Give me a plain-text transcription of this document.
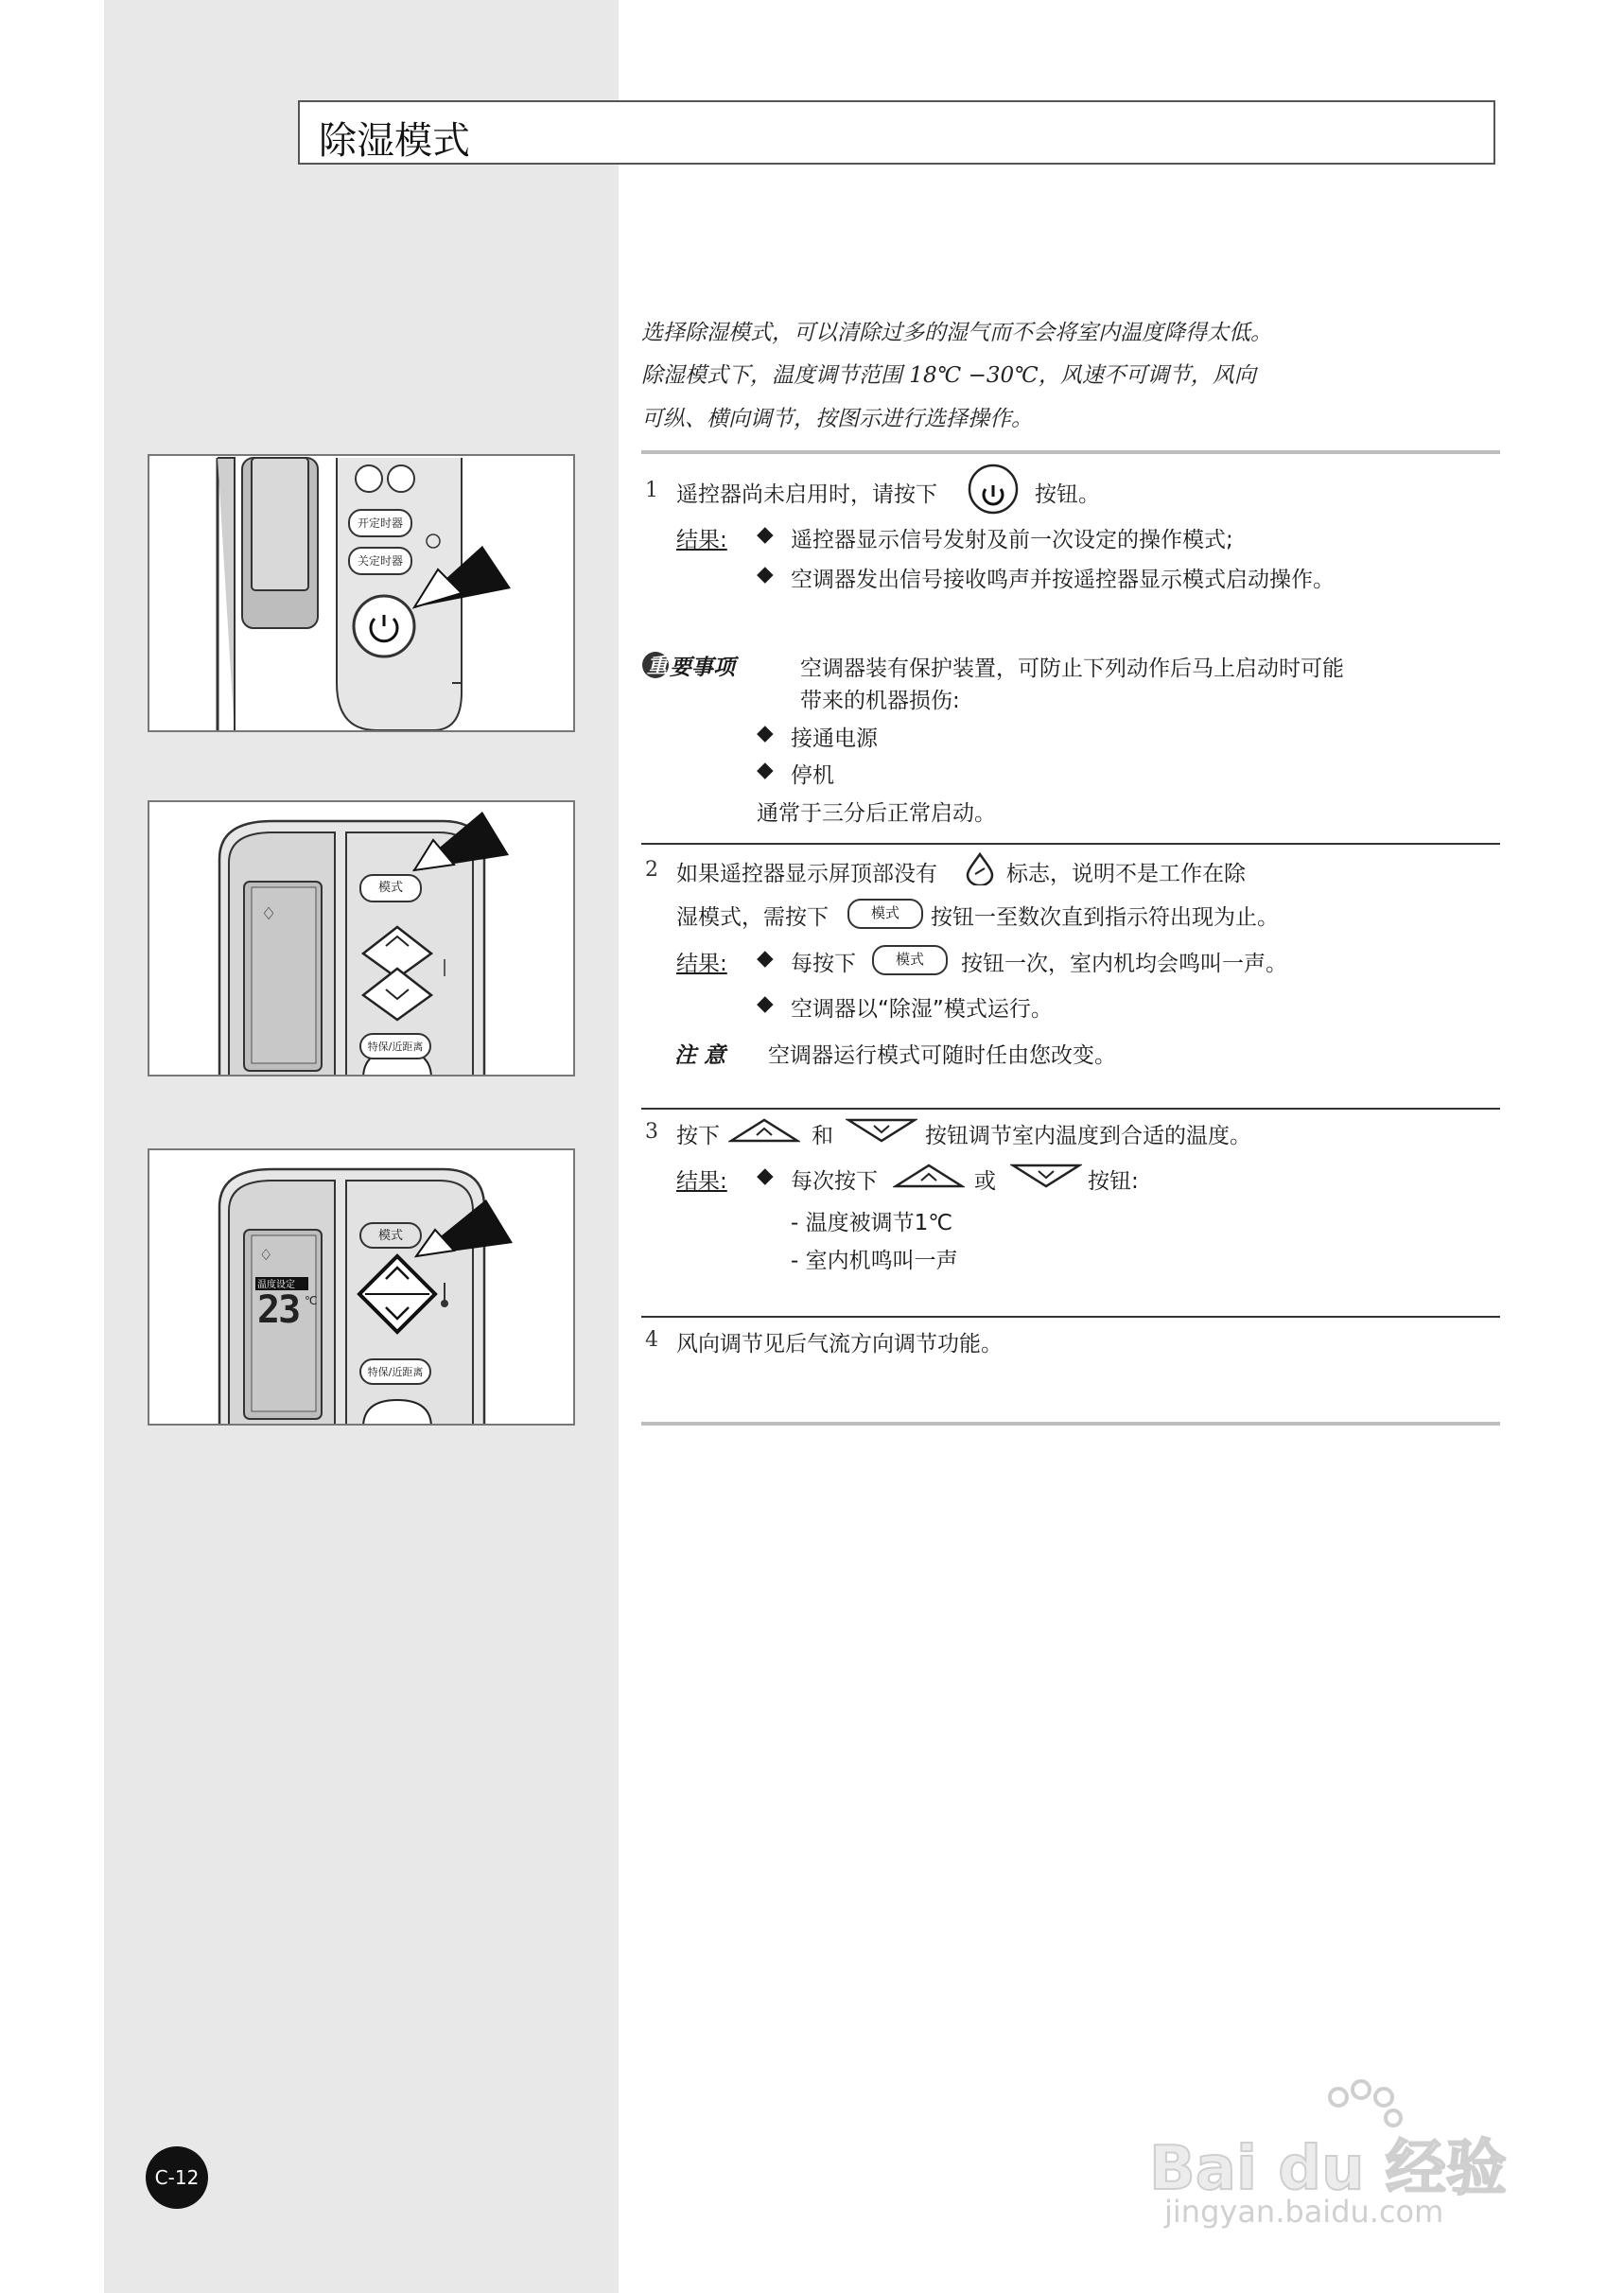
除湿模式
选择除湿模式，可以清除过多的湿气而不会将室内温度降得太低。
除湿模式下，温度调节范围 18℃ −30℃，风速不可调节，风向
可纵、横向调节，按图示进行选择操作。
开定时器
关定时器
1 遥控器尚未启用时，请按下	按钮。
结果: ◆ 遥控器显示信号发射及前一次设定的操作模式;
◆ 空调器发出信号接收鸣声并按遥控器显示模式启动操作。
重 要事项	空调器装有保护装置，可防止下列动作后马上启动时可能
带来的机器损伤:
◆ 接通电源
◆ 停机
通常于三分后正常启动。
♢
模式
特保/近距离
2 如果遥控器显示屏顶部没有	标志，说明不是工作在除
湿模式，需按下	模式	按钮一至数次直到指示符出现为止。
结果: ◆ 每按下	模式	按钮一次，室内机均会鸣叫一声。
◆ 空调器以“除湿”模式运行。
注 意 空调器运行模式可随时任由您改变。
♢
温度设定
23 ℃
模式
特保/近距离
3 按下	和	按钮调节室内温度到合适的温度。
结果: ◆ 每次按下	或	按钮:
- 温度被调节1℃
- 室内机鸣叫一声
4 风向调节见后气流方向调节功能。
C-12	Bai du 经验
jingyan.baidu.com
